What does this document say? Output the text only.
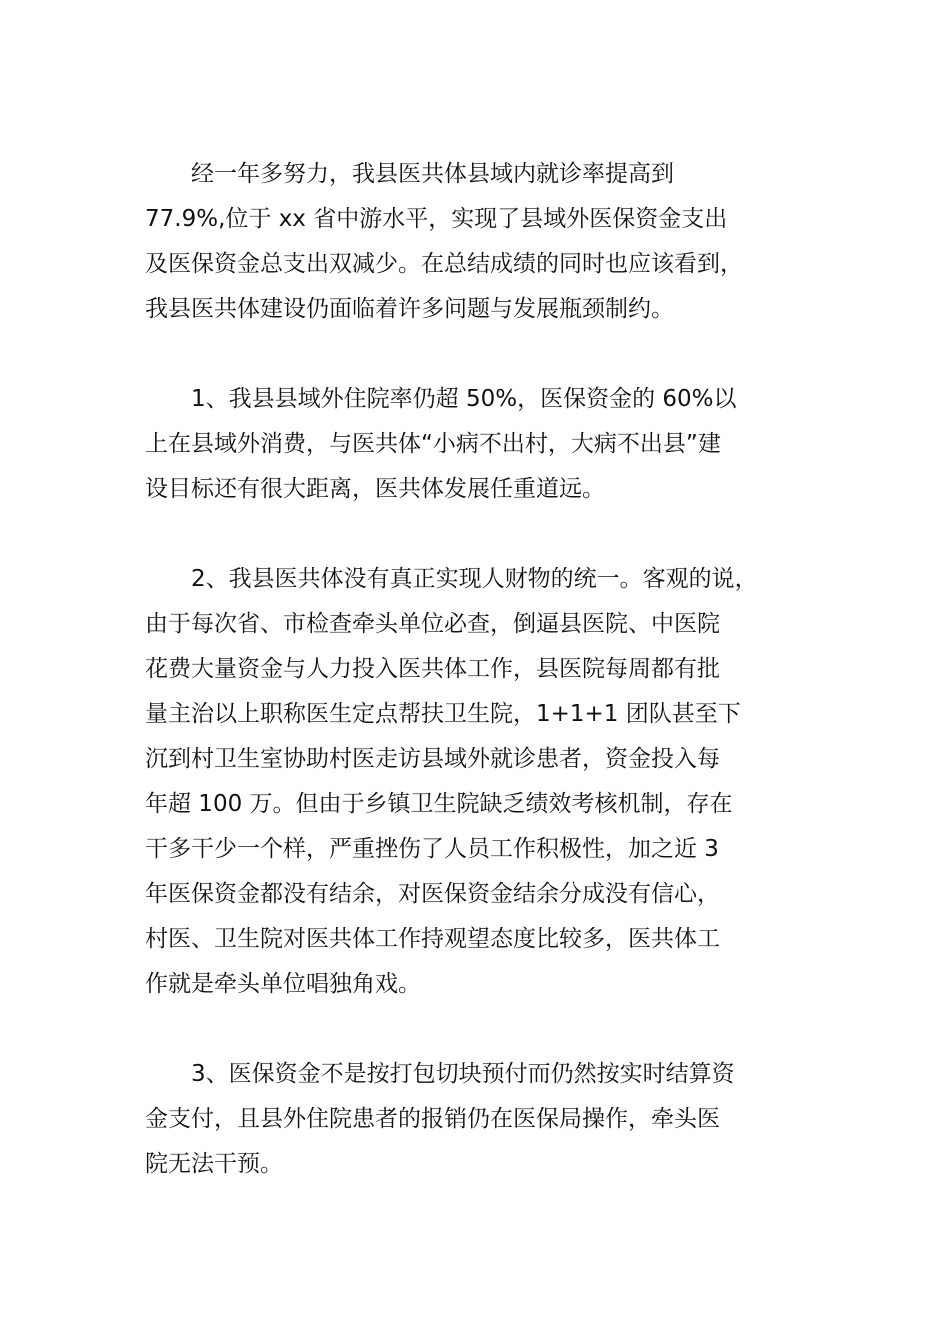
经一年多努力，我县医共体县域内就诊率提高到
77.9%,位于 xx 省中游水平，实现了县域外医保资金支出
及医保资金总支出双减少。在总结成绩的同时也应该看到，
我县医共体建设仍面临着许多问题与发展瓶颈制约。

1、我县县域外住院率仍超 50%，医保资金的 60%以
上在县域外消费，与医共体“小病不出村，大病不出县”建
设目标还有很大距离，医共体发展任重道远。

2、我县医共体没有真正实现人财物的统一。客观的说，
由于每次省、市检查牵头单位必查，倒逼县医院、中医院
花费大量资金与人力投入医共体工作，县医院每周都有批
量主治以上职称医生定点帮扶卫生院，1+1+1 团队甚至下
沉到村卫生室协助村医走访县域外就诊患者，资金投入每
年超 100 万。但由于乡镇卫生院缺乏绩效考核机制，存在
干多干少一个样，严重挫伤了人员工作积极性，加之近 3
年医保资金都没有结余，对医保资金结余分成没有信心，
村医、卫生院对医共体工作持观望态度比较多，医共体工
作就是牵头单位唱独角戏。

3、医保资金不是按打包切块预付而仍然按实时结算资
金支付，且县外住院患者的报销仍在医保局操作，牵头医
院无法干预。
